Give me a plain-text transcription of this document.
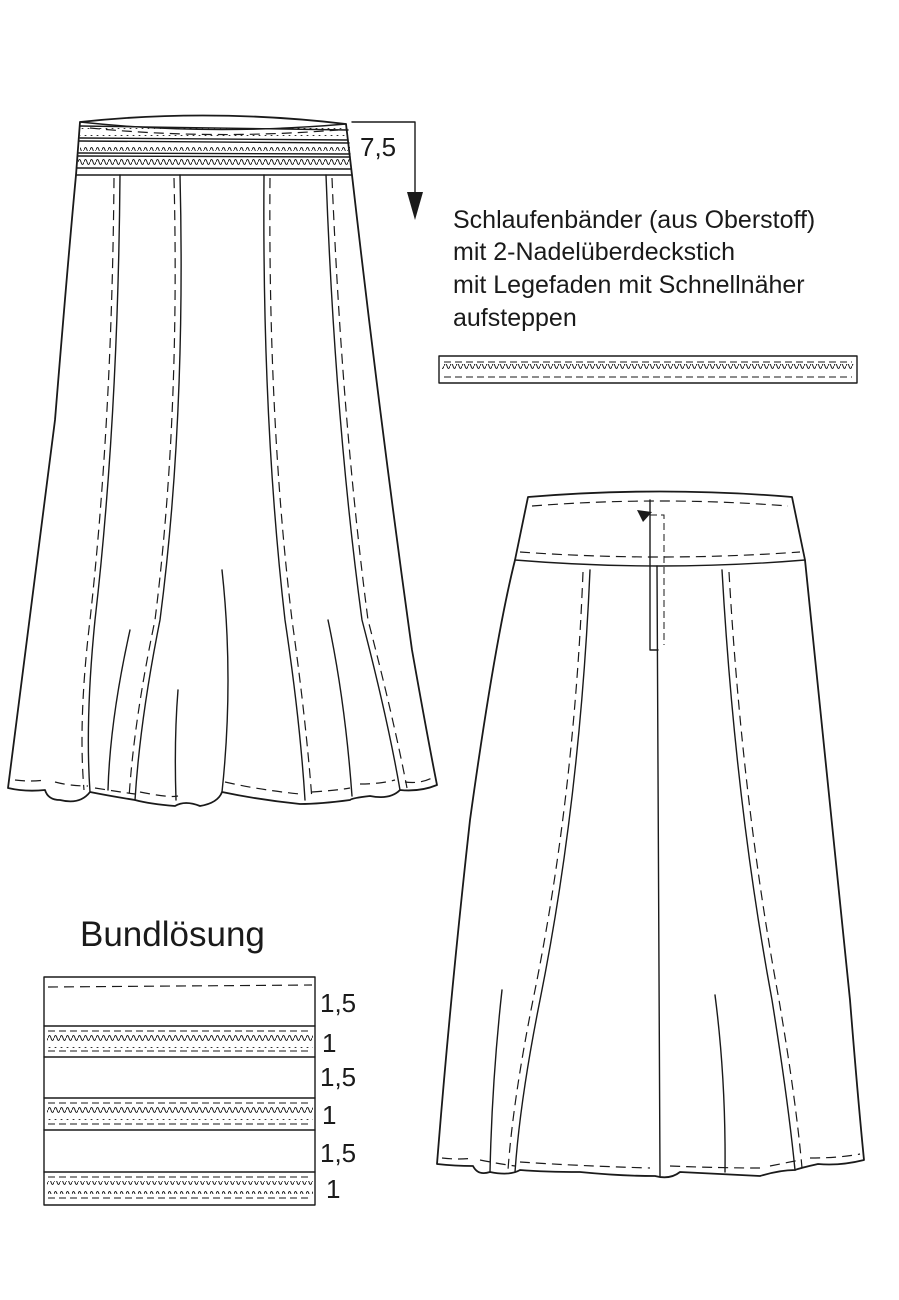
7,5
Schlaufenbänder (aus Oberstoff)
mit 2-Nadelüberdeckstich
mit Legefaden mit Schnellnäher
aufsteppen
Bundlösung
1,5
1
1,5
1
1,5
1
